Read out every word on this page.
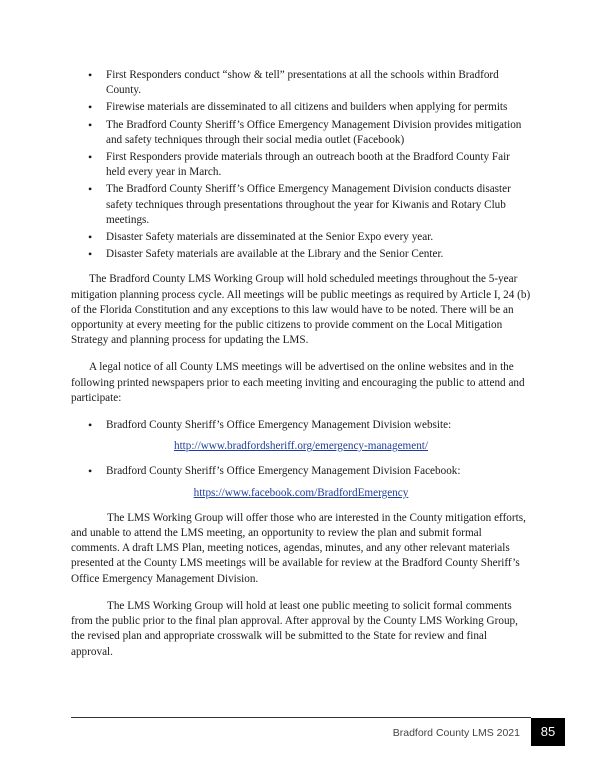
• First Responders conduct “show & tell” presentations at all the schools within Bradford County.
• Firewise materials are disseminated to all citizens and builders when applying for permits
• The Bradford County Sheriff’s Office Emergency Management Division provides mitigation and safety techniques through their social media outlet (Facebook)
• First Responders provide materials through an outreach booth at the Bradford County Fair held every year in March.
• The Bradford County Sheriff’s Office Emergency Management Division conducts disaster safety techniques through presentations throughout the year for Kiwanis and Rotary Club meetings.
• Disaster Safety materials are disseminated at the Senior Expo every year.
• Disaster Safety materials are available at the Library and the Senior Center.

The Bradford County LMS Working Group will hold scheduled meetings throughout the 5-year mitigation planning process cycle. All meetings will be public meetings as required by Article I, 24 (b) of the Florida Constitution and any exceptions to this law would have to be noted. There will be an opportunity at every meeting for the public citizens to provide comment on the Local Mitigation Strategy and planning process for updating the LMS.

A legal notice of all County LMS meetings will be advertised on the online websites and in the following printed newspapers prior to each meeting inviting and encouraging the public to attend and participate:

• Bradford County Sheriff’s Office Emergency Management Division website:
http://www.bradfordsheriff.org/emergency-management/
• Bradford County Sheriff’s Office Emergency Management Division Facebook:
https://www.facebook.com/BradfordEmergency

The LMS Working Group will offer those who are interested in the County mitigation efforts, and unable to attend the LMS meeting, an opportunity to review the plan and submit formal comments. A draft LMS Plan, meeting notices, agendas, minutes, and any other relevant materials presented at the County LMS meetings will be available for review at the Bradford County Sheriff’s Office Emergency Management Division.

The LMS Working Group will hold at least one public meeting to solicit formal comments from the public prior to the final plan approval. After approval by the County LMS Working Group, the revised plan and appropriate crosswalk will be submitted to the State for review and final approval.

Bradford County LMS 2021	85
